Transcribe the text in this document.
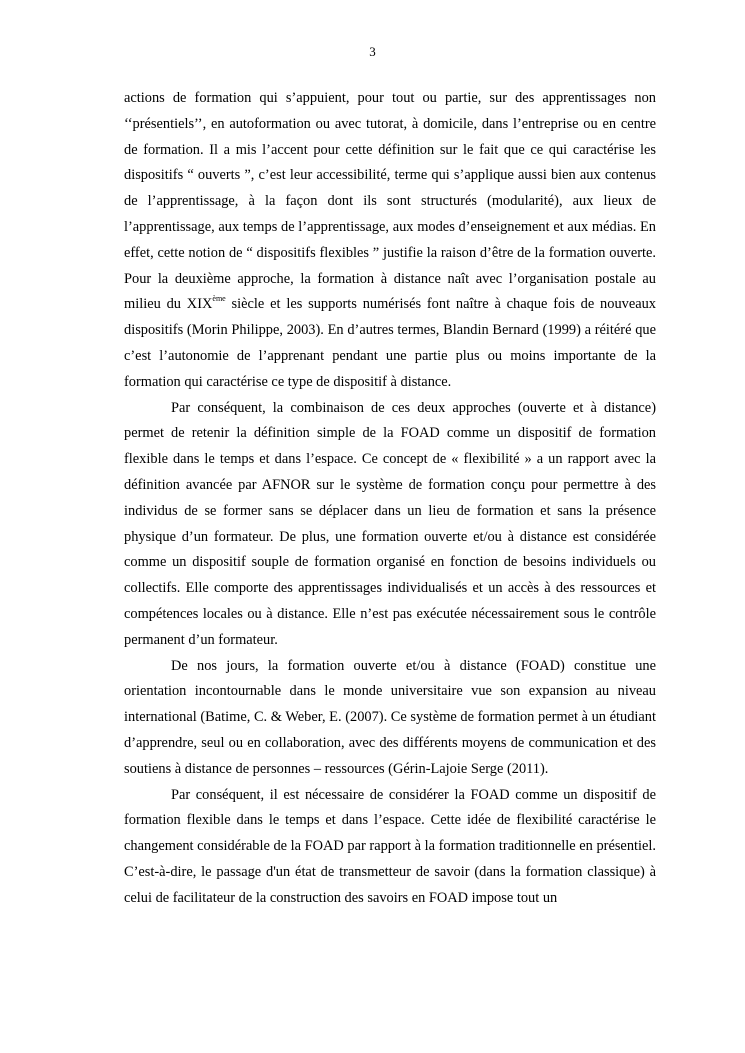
3

actions de formation qui s’appuient, pour tout ou partie, sur des apprentissages non ‘‘présentiels’’, en autoformation ou avec tutorat, à domicile, dans l’entreprise ou en centre de formation. Il a mis l’accent pour cette définition sur le fait que ce qui caractérise les dispositifs “ ouverts ”, c’est leur accessibilité, terme qui s’applique aussi bien aux contenus de l’apprentissage, à la façon dont ils sont structurés (modularité), aux lieux de l’apprentissage, aux temps de l’apprentissage, aux modes d’enseignement et aux médias. En effet, cette notion de “ dispositifs flexibles ” justifie la raison d’être de la formation ouverte. Pour la deuxième approche, la formation à distance naît avec l’organisation postale au milieu du XIXème siècle et les supports numérisés font naître à chaque fois de nouveaux dispositifs (Morin Philippe, 2003). En d’autres termes, Blandin Bernard (1999) a réitéré que c’est l’autonomie de l’apprenant pendant une partie plus ou moins importante de la formation qui caractérise ce type de dispositif à distance.

Par conséquent, la combinaison de ces deux approches (ouverte et à distance) permet de retenir la définition simple de la FOAD comme un dispositif de formation flexible dans le temps et dans l’espace. Ce concept de « flexibilité » a un rapport avec la définition avancée par AFNOR sur le système de formation conçu pour permettre à des individus de se former sans se déplacer dans un lieu de formation et sans la présence physique d’un formateur. De plus, une formation ouverte et/ou à distance est considérée comme un dispositif souple de formation organisé en fonction de besoins individuels ou collectifs. Elle comporte des apprentissages individualisés et un accès à des ressources et compétences locales ou à distance. Elle n’est pas exécutée nécessairement sous le contrôle permanent d’un formateur.

De nos jours, la formation ouverte et/ou à distance (FOAD) constitue une orientation incontournable dans le monde universitaire vue son expansion au niveau international (Batime, C. & Weber, E. (2007). Ce système de formation permet à un étudiant d’apprendre, seul ou en collaboration, avec des différents moyens de communication et des soutiens à distance de personnes – ressources (Gérin-Lajoie Serge (2011).

Par conséquent, il est nécessaire de considérer la FOAD comme un dispositif de formation flexible dans le temps et dans l’espace. Cette idée de flexibilité caractérise le changement considérable de la FOAD par rapport à la formation traditionnelle en présentiel. C’est-à-dire, le passage d'un état de transmetteur de savoir (dans la formation classique) à celui de facilitateur de la construction des savoirs en FOAD impose tout un
